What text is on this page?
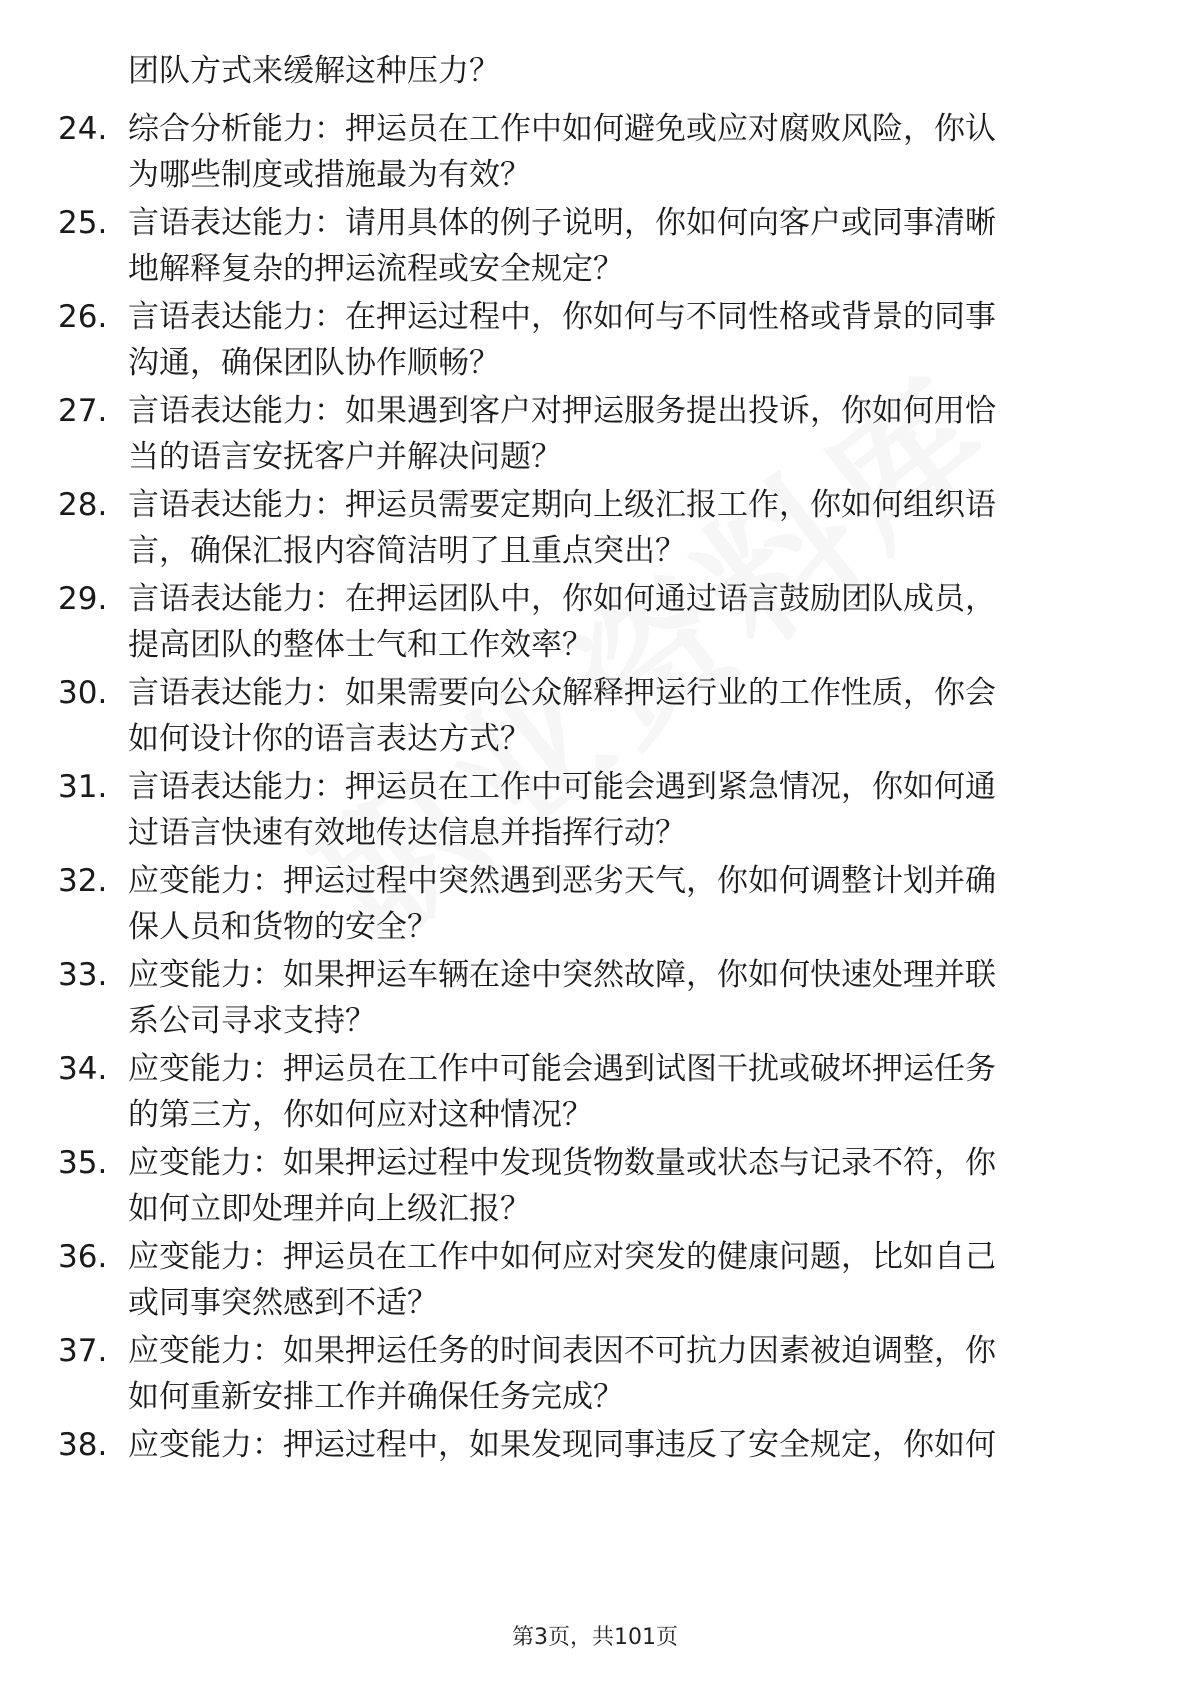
团队方式来缓解这种压力？
24. 综合分析能力：押运员在工作中如何避免或应对腐败风险，你认
为哪些制度或措施最为有效？
25. 言语表达能力：请用具体的例子说明，你如何向客户或同事清晰
地解释复杂的押运流程或安全规定？
26. 言语表达能力：在押运过程中，你如何与不同性格或背景的同事
沟通，确保团队协作顺畅？
27. 言语表达能力：如果遇到客户对押运服务提出投诉，你如何用恰
当的语言安抚客户并解决问题？
28. 言语表达能力：押运员需要定期向上级汇报工作，你如何组织语
言，确保汇报内容简洁明了且重点突出？
29. 言语表达能力：在押运团队中，你如何通过语言鼓励团队成员，
提高团队的整体士气和工作效率？
30. 言语表达能力：如果需要向公众解释押运行业的工作性质，你会
如何设计你的语言表达方式？
31. 言语表达能力：押运员在工作中可能会遇到紧急情况，你如何通
过语言快速有效地传达信息并指挥行动？
32. 应变能力：押运过程中突然遇到恶劣天气，你如何调整计划并确
保人员和货物的安全？
33. 应变能力：如果押运车辆在途中突然故障，你如何快速处理并联
系公司寻求支持？
34. 应变能力：押运员在工作中可能会遇到试图干扰或破坏押运任务
的第三方，你如何应对这种情况？
35. 应变能力：如果押运过程中发现货物数量或状态与记录不符，你
如何立即处理并向上级汇报？
36. 应变能力：押运员在工作中如何应对突发的健康问题，比如自己
或同事突然感到不适？
37. 应变能力：如果押运任务的时间表因不可抗力因素被迫调整，你
如何重新安排工作并确保任务完成？
38. 应变能力：押运过程中，如果发现同事违反了安全规定，你如何
第3页，共101页
